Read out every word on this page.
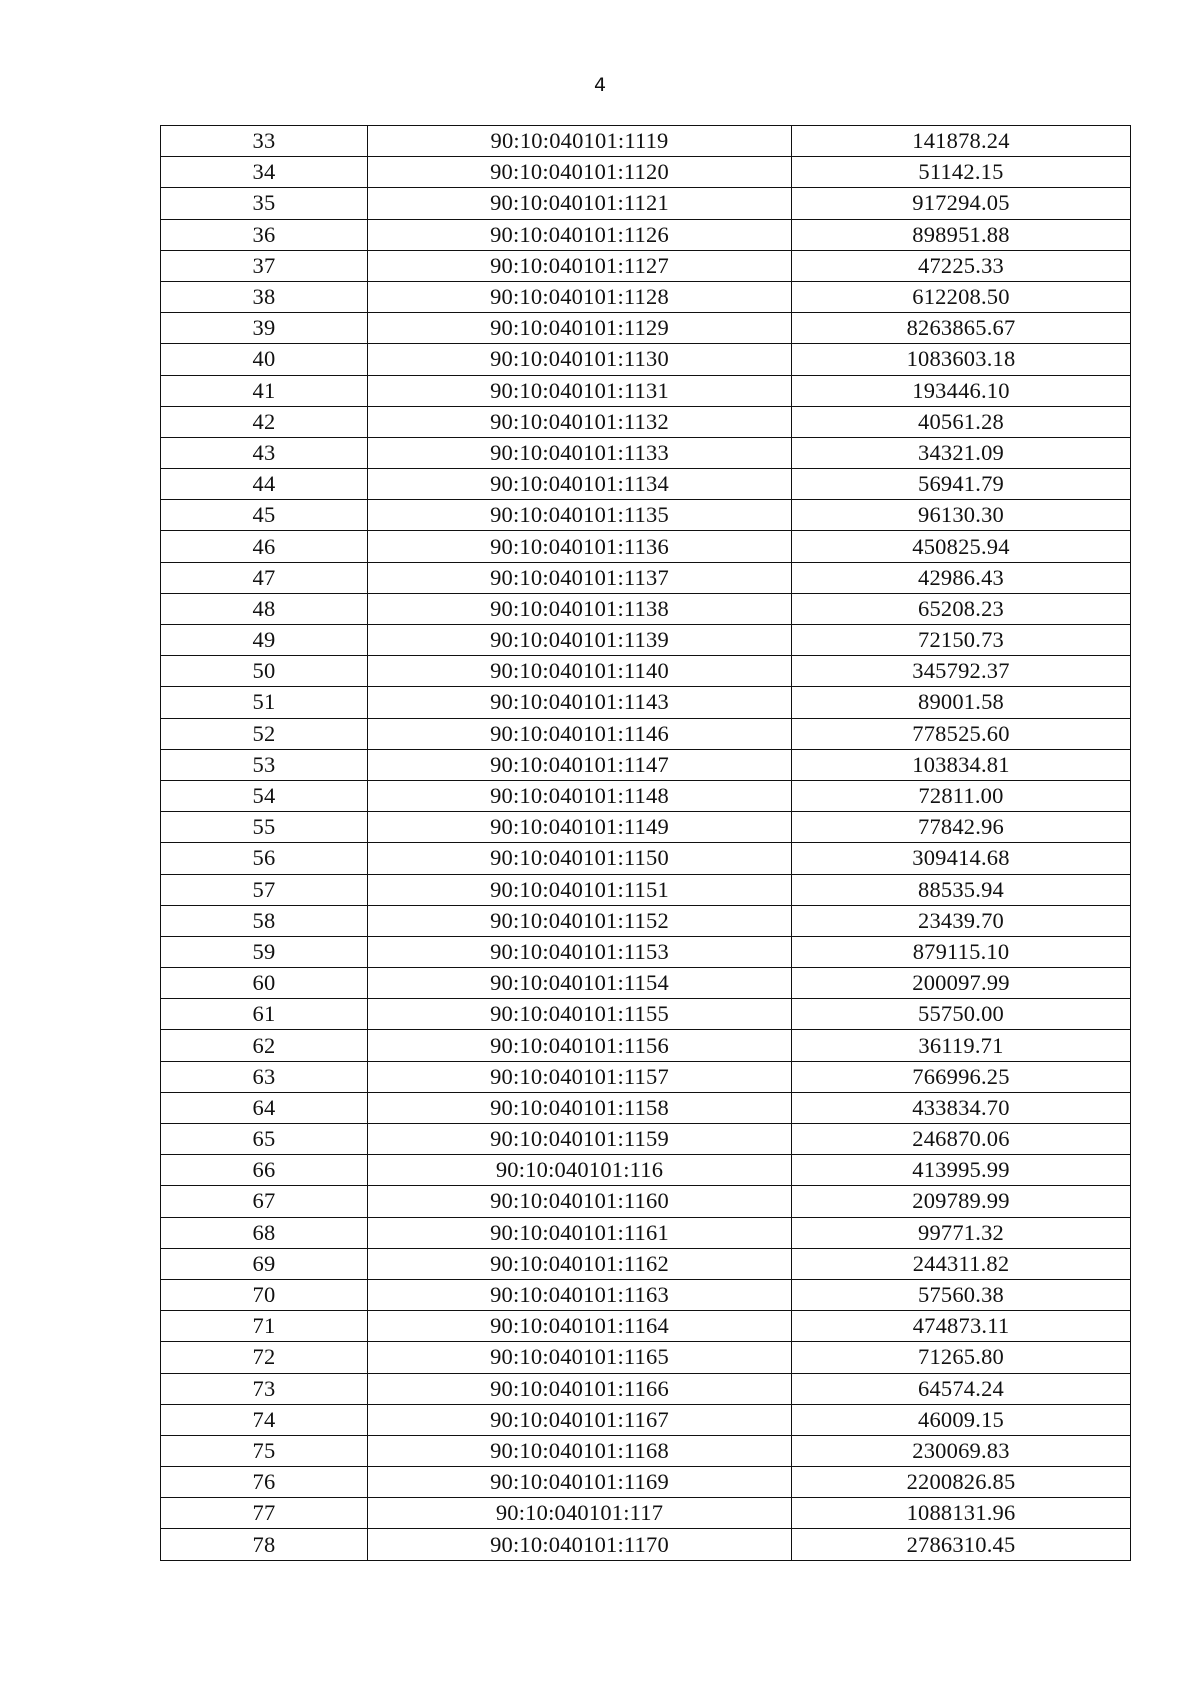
4
33	90:10:040101:1119	141878.24
34	90:10:040101:1120	51142.15
35	90:10:040101:1121	917294.05
36	90:10:040101:1126	898951.88
37	90:10:040101:1127	47225.33
38	90:10:040101:1128	612208.50
39	90:10:040101:1129	8263865.67
40	90:10:040101:1130	1083603.18
41	90:10:040101:1131	193446.10
42	90:10:040101:1132	40561.28
43	90:10:040101:1133	34321.09
44	90:10:040101:1134	56941.79
45	90:10:040101:1135	96130.30
46	90:10:040101:1136	450825.94
47	90:10:040101:1137	42986.43
48	90:10:040101:1138	65208.23
49	90:10:040101:1139	72150.73
50	90:10:040101:1140	345792.37
51	90:10:040101:1143	89001.58
52	90:10:040101:1146	778525.60
53	90:10:040101:1147	103834.81
54	90:10:040101:1148	72811.00
55	90:10:040101:1149	77842.96
56	90:10:040101:1150	309414.68
57	90:10:040101:1151	88535.94
58	90:10:040101:1152	23439.70
59	90:10:040101:1153	879115.10
60	90:10:040101:1154	200097.99
61	90:10:040101:1155	55750.00
62	90:10:040101:1156	36119.71
63	90:10:040101:1157	766996.25
64	90:10:040101:1158	433834.70
65	90:10:040101:1159	246870.06
66	90:10:040101:116	413995.99
67	90:10:040101:1160	209789.99
68	90:10:040101:1161	99771.32
69	90:10:040101:1162	244311.82
70	90:10:040101:1163	57560.38
71	90:10:040101:1164	474873.11
72	90:10:040101:1165	71265.80
73	90:10:040101:1166	64574.24
74	90:10:040101:1167	46009.15
75	90:10:040101:1168	230069.83
76	90:10:040101:1169	2200826.85
77	90:10:040101:117	1088131.96
78	90:10:040101:1170	2786310.45
